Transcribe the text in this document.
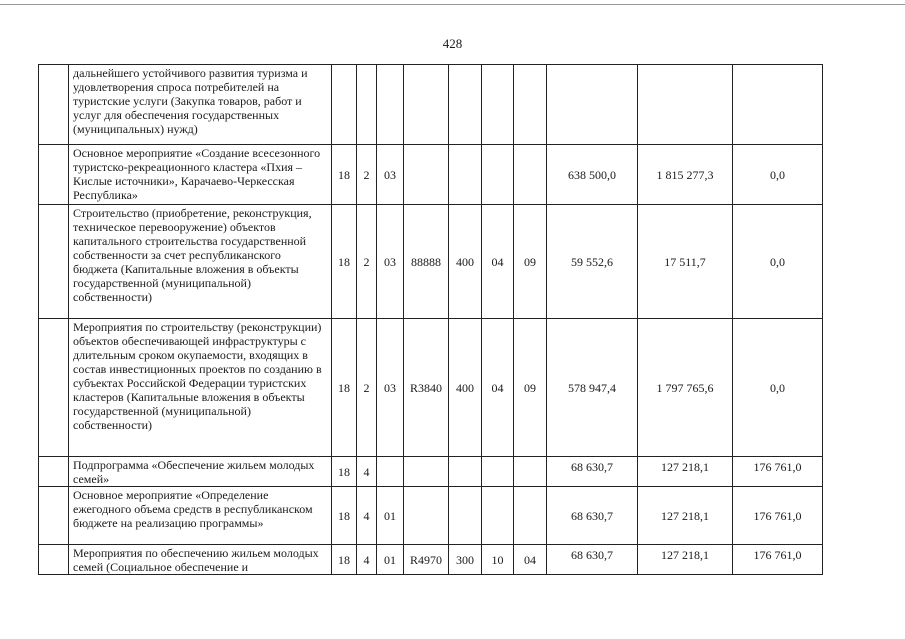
428
	дальнейшего устойчивого развития туризма и удовлетворения спроса потребителей на туристские услуги (Закупка товаров, работ и услуг для обеспечения государственных (муниципальных) нужд)										
	Основное мероприятие «Создание всесезонного туристско-рекреационного кластера «Пхия – Кислые источники», Карачаево-Черкесская Республика»	18	2	03					638 500,0	1 815 277,3	0,0
	Строительство (приобретение, реконструкция, техническое перевооружение) объектов капитального строительства государственной собственности за счет республиканского бюджета (Капитальные вложения в объекты государственной (муниципальной) собственности)	18	2	03	88888	400	04	09	59 552,6	17 511,7	0,0
	Мероприятия по строительству (реконструкции) объектов обеспечивающей инфраструктуры с длительным сроком окупаемости, входящих в состав инвестиционных проектов по созданию в субъектах Российской Федерации туристских кластеров (Капитальные вложения в объекты государственной (муниципальной) собственности)	18	2	03	R3840	400	04	09	578 947,4	1 797 765,6	0,0
	Подпрограмма «Обеспечение жильем молодых семей»	18	4						68 630,7	127 218,1	176 761,0
	Основное мероприятие «Определение ежегодного объема средств в республиканском бюджете на реализацию программы»	18	4	01					68 630,7	127 218,1	176 761,0
	Мероприятия по обеспечению жильем молодых семей (Социальное обеспечение и	18	4	01	R4970	300	10	04	68 630,7	127 218,1	176 761,0
